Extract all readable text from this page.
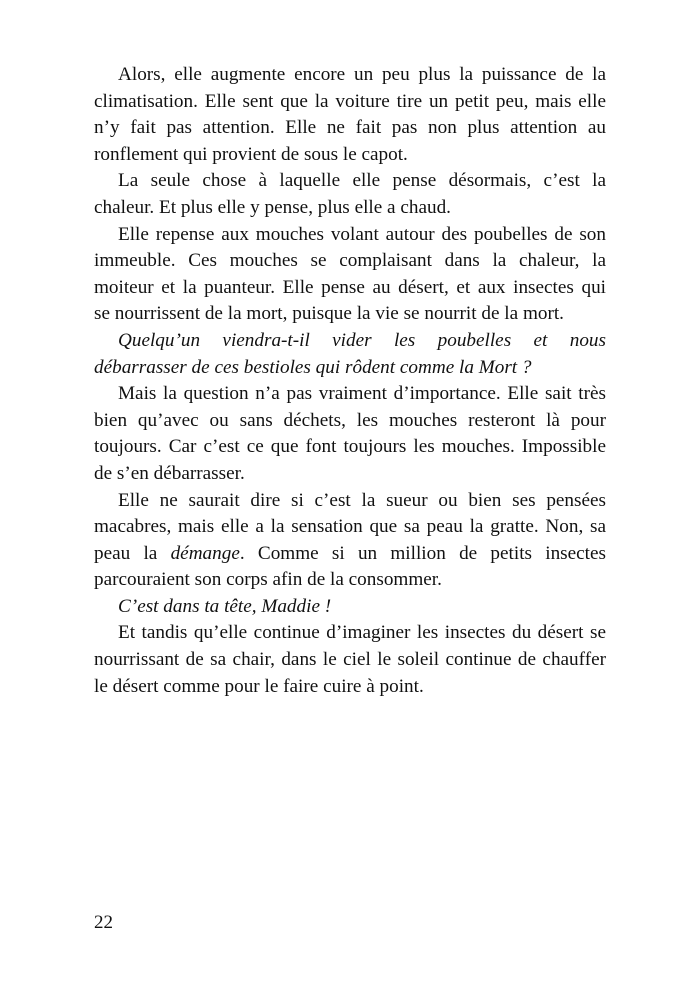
Alors, elle augmente encore un peu plus la puissance de la
climatisation. Elle sent que la voiture tire un petit peu, mais elle
n’y fait pas attention. Elle ne fait pas non plus attention au
ronflement qui provient de sous le capot.
La seule chose à laquelle elle pense désormais, c’est la
chaleur. Et plus elle y pense, plus elle a chaud.
Elle repense aux mouches volant autour des poubelles de son
immeuble. Ces mouches se complaisant dans la chaleur, la
moiteur et la puanteur. Elle pense au désert, et aux insectes qui
se nourrissent de la mort, puisque la vie se nourrit de la mort.
Quelqu’un viendra-t-il vider les poubelles et nous
débarrasser de ces bestioles qui rôdent comme la Mort ?
Mais la question n’a pas vraiment d’importance. Elle sait très
bien qu’avec ou sans déchets, les mouches resteront là pour
toujours. Car c’est ce que font toujours les mouches. Impossible
de s’en débarrasser.
Elle ne saurait dire si c’est la sueur ou bien ses pensées
macabres, mais elle a la sensation que sa peau la gratte. Non, sa
peau la démange. Comme si un million de petits insectes
parcouraient son corps afin de la consommer.
C’est dans ta tête, Maddie !
Et tandis qu’elle continue d’imaginer les insectes du désert se
nourrissant de sa chair, dans le ciel le soleil continue de chauffer
le désert comme pour le faire cuire à point.
22
